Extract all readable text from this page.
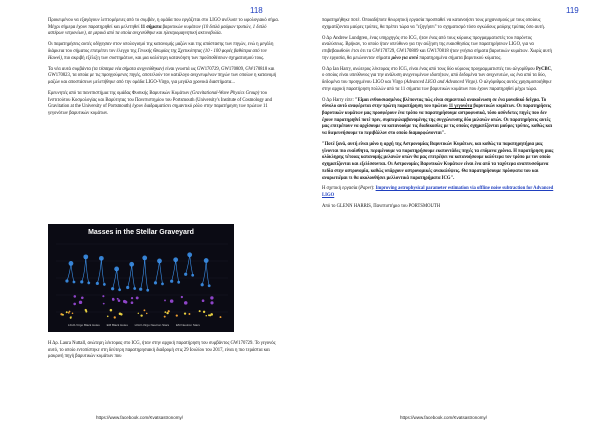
118

Προκειμένου να εξαγάγουν λεπτομέρειες από το συμβάν, η ομάδα που εργάζεται στο LIGO ανέλυσε το ωρολογιακό σήμα. Μέχρι σήμερα έχουν παρατηρηθεί και μελετηθεί 11 σήματα βαρυτικών κυμάτων (10 διπλά μαύρων τρυπών, 1 διπλό αστέρων νετρονίων), σε μερικά από τα οποία ανιχνεύθηκε και ηλεκτρομαγνητική ακτινοβολία.

Οι παρατηρήσεις αυτές οδήγησαν στον υπολογισμό της κατανομής μαζών και της απόστασης των πηγών, ενώ η μεγάλη διάρκεια του σήματος επιτρέπει τον έλεγχο της Γενικής Θεωρίας της Σχετικότητας (10 - 100 φορές βαθύτερα από τον Hawei), πιο ακριβή εξέλιξη των συστημάτων, και μια καλύτερη κατανόηση των προϋποθέσεων σχηματισμού τους.

Τα νέα αυτά συμβάντα (τα τέσσερα νέα σήματα ανιχνεύθηκαν) είναι γνωστά ως GW170729, GW170809, GW170818 και GW170823, τα οποία με τις προηγούμενες πηγές, αποτελούν τον κατάλογο ανιχνευμένων πηγών των οποίων η κατανομή μαζών και αποστάσεων μελετήθηκε από την ομάδα LIGO-Virgo, για μεγάλα χρονικά διαστήματα...

Ερευνητές από τα πανεπιστήμια της ομάδας Φυσικής Βαρυτικών Κυμάτων (Gravitational-Wave Physics Group) του Ινστιτούτου Κοσμολογίας και Βαρύτητας του Πανεπιστημίου του Portsmouth (University's Institute of Cosmology and Gravitation at the University of Portsmouth) έχουν διαδραματίσει σημαντικό ρόλο στην παρατήρηση των πρώτων 11 γεγονότων βαρυτικών κυμάτων.

Masses in the Stellar Graveyard
LIGO-Virgo Black Holes EM Black Holes LIGO-Virgo Neutron Stars EM Neutron Stars
Η Δρ. Laura Nuttall, ανώτερη λέκτορας στο ICG, ήταν στην αρχική παρατήρηση του συμβάντος GW170729. Το γεγονός αυτό, το οποίο εντοπίστηκε στη δεύτερη παρατηρησιακή διαδρομή στις 29 Ιουλίου του 2017, είναι η πιο τεράστια και μακρινή πηγή βαρυτικών κυμάτων που
https://www.facebook.com/Kvatsastronomy/
119

παρατηρήθηκε ποτέ. Οποιαδήποτε θεωρητική εργασία προσπαθεί να κατανοήσει τους μηχανισμούς με τους οποίους σχηματίζονται μαύρες τρύπες, θα πρέπει τώρα να "εξηγήσει" το σχηματισμό τόσο ογκώδους μαύρης τρύπας όσο αυτή.

Ο Δρ Andrew Lundgren, ένας υπηρχηγός στο ICG, ήταν ένας από τους κύριους προγραμματιστές του παρόντος αναλύσεως. Βρήκαν, το οποίο ήταν υπεύθυνο για την αύξηση της ευαισθησίας των παρατηρήσεων LIGO, για να επιβεβαιωθούν έτσι ότι τα GW170729, GW170809 και GW170818 ήταν γνήσια σήματα βαρυτικών κυμάτων. Χωρίς αυτή την εργασία, θα μειώνονταν σήματα μόνο για αυτό παρατηρημένα σήματα βαρυτικού κύματος.

Ο Δρ Ian Harry, ανώτερος λέκτορας στο ICG, είναι ένας από τους δύο κύριους προγραμματιστές του αλγορίθμου PyCBC, ο οποίος είναι υπεύθυνος για την ανάλυση ανιχνευμένων ιδιοτήτων, από δεδομένα των ανιχνευτών, ως ένα από τα δύο, δεδομένα του προηγμένου LIGO και Virgo (Advanced LIGO and Advanced Virgo). Ο αλγόριθμος αυτός χρησιμοποιήθηκε στην αρχική παρατήρηση πολλών από τα 11 σήματα των βαρυτικών κυμάτων που έχουν παρατηρηθεί μέχρι τώρα.

Ο Δρ Harry είπε: "Είμαι ενθουσιασμένος βλέποντας πώς είναι σημαντικά ανακοίνωση σε ένα μοναδικό δείγμα. Το σύνολο αυτό αναφέρεται στην πρώτη παρατήρηση του πρώτου 11 γεγονότα βαρυτικών κυμάτων. Οι παρατηρήσεις βαρυτικών κυμάτων μας προσφέρουν ένα τρόπο να παρατηρήσουμε αστροφυσικά, τόσο ασύνδετες πηγές που δεν έχουν παρατηρηθεί ποτέ πριν, συμπεριλαμβανομένης της συγχώνευσης δύο μελανών οπών. Οι παρατηρήσεις αυτές μας επιτρέπουν να αρχίσουμε να κατανοούμε τις διαδικασίες με τις οποίες σχηματίζονται μαύρες τρύπες, καθώς και να διερευνήσουμε το περιβάλλον στο οποίο διαμορφώνονται".

"Ποτέ ξανά, αυτή είναι μόνο η αρχή της Αστρονομίας Βαρυτικών Κυμάτων, και καθώς τα παρατηρητήρια μας γίνονται πιο ευαίσθητα, περιμένουμε να παρατηρήσουμε εκατοντάδες πηγές τα επόμενα χρόνια. Η παρατήρηση μιας ολόκληρης τέτοιας κατανομής μελανών οπών θα μας επιτρέψει να κατανοήσουμε καλύτερα τον τρόπο με τον οποίο σχηματίζονται και εξελίσσονται. Οι Αστρονομίες Βαρυτικών Κυμάτων είναι ένα από τα ταχύτερα αναπτυσσόμενα πεδία στην αστρονομία, καθώς υπάρχουν αστρονομικές ανακαλύψεις. Θα παρατηρήσουμε πρόσφατα του και αναρωτιέμαι τι θα ακολουθήσει μελλοντικά παρατηρήματα ICG".

Η σχετική εργασία (Paper): Improving astrophysical parameter estimation via offline noise subtraction for Advanced LIGO

Από το GLENN HARRIS, Πανεπιστήμιο του PORTSMOUTH

https://www.facebook.com/Kvatsastronomy/
